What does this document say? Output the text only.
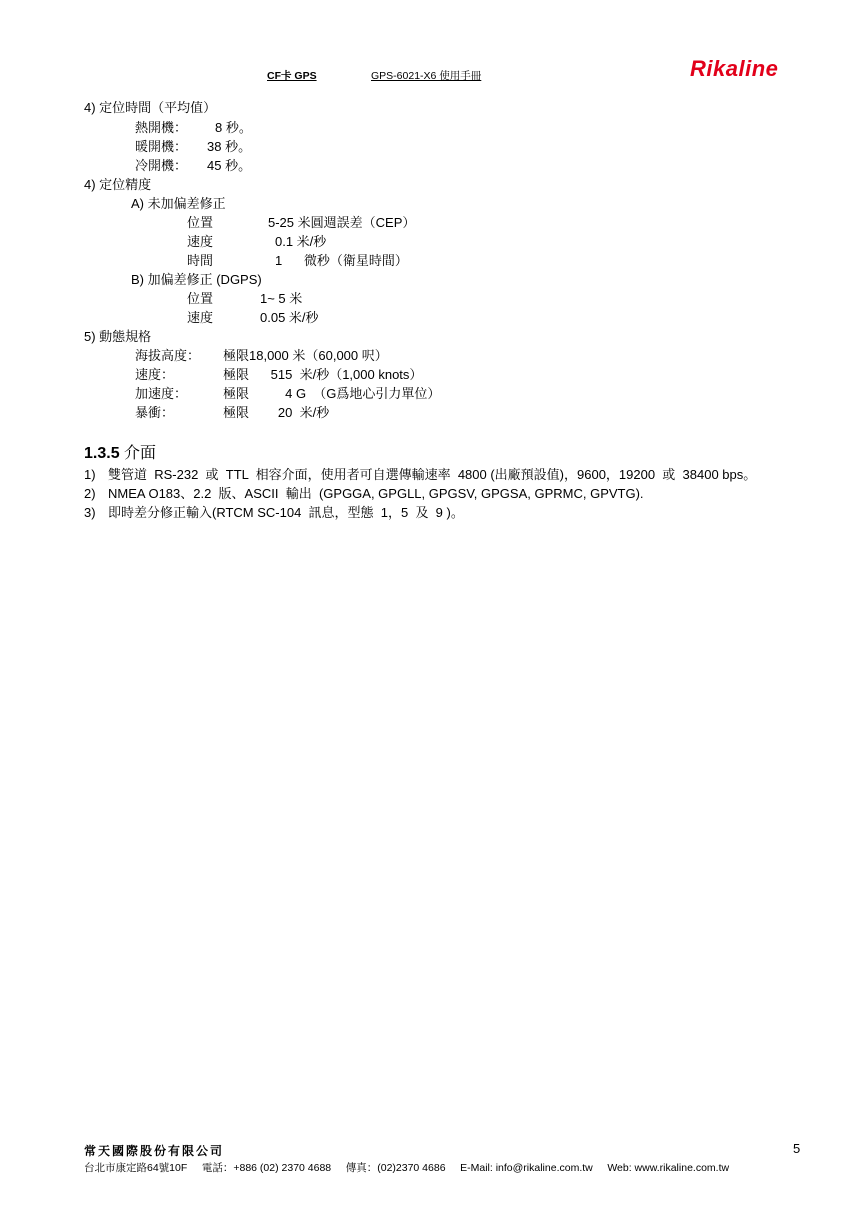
CF卡 GPS	GPS-6021-X6 使用手冊	Rikaline
4) 定位時間（平均值）
熱開機： 8 秒。
暖開機： 38 秒。
冷開機： 45 秒。
4) 定位精度
A) 未加偏差修正
位置	5-25 米圓週誤差（CEP）
速度	0.1 米/秒
時間	1      微秒（衛星時間）
B) 加偏差修正 (DGPS)
位置	1~ 5 米
速度	0.05 米/秒
5) 動態規格
海拔高度： 極限18,000 米（60,000 呎）
速度：	極限      515  米/秒（1,000 knots）
加速度：	極限          4 G  （G爲地心引力單位）
暴衝：	極限        20  米/秒
1.3.5 介面
1) 雙管道  RS-232  或  TTL  相容介面，使用者可自選傳輸速率  4800 (出廠預設值)，9600，19200  或  38400 bps。
2) NMEA O183、2.2  版、ASCII  輸出  (GPGGA, GPGLL, GPGSV, GPGSA, GPRMC, GPVTG).
3) 即時差分修正輸入(RTCM SC-104  訊息，型態  1，5  及  9 )。
常天國際股份有限公司	5
台北市康定路64號10F     電話：+886 (02) 2370 4688     傳真：(02)2370 4686     E-Mail: info@rikaline.com.tw     Web: www.rikaline.com.tw
